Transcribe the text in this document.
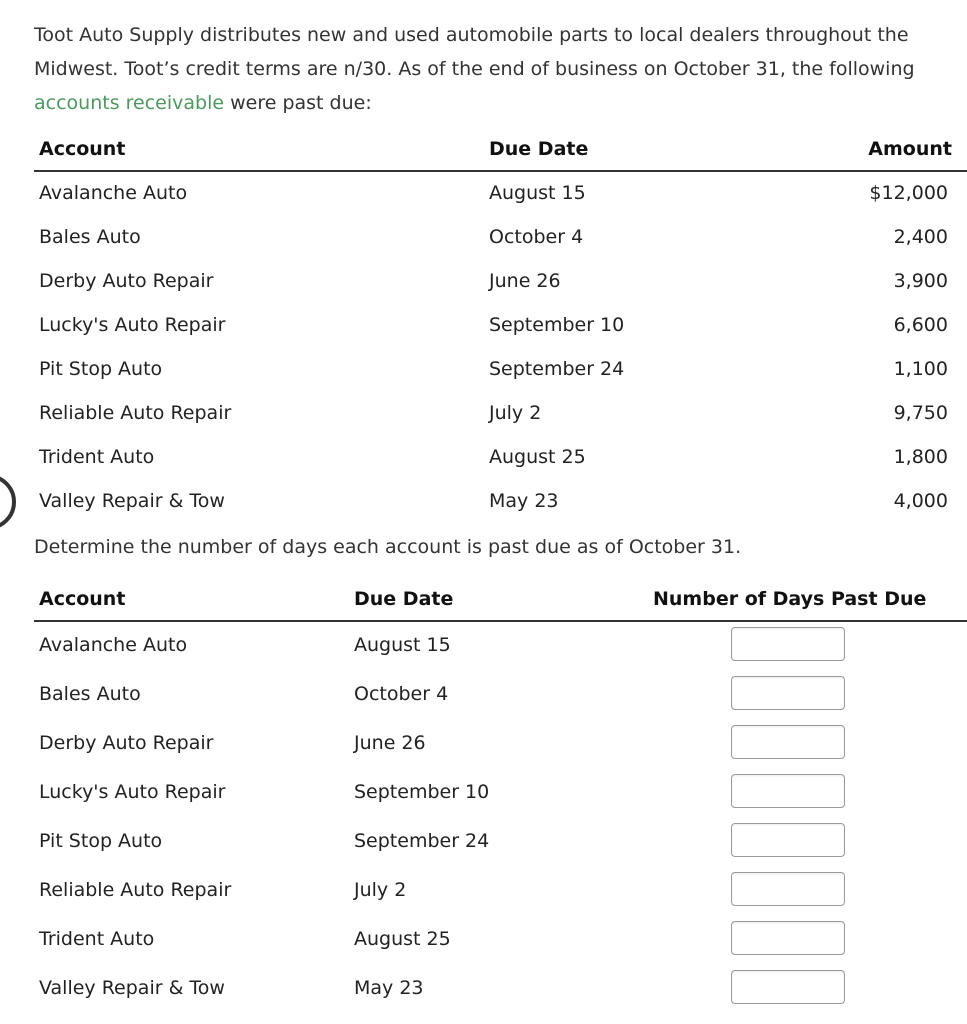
Toot Auto Supply distributes new and used automobile parts to local dealers throughout the Midwest. Toot’s credit terms are n/30. As of the end of business on October 31, the following accounts receivable were past due:
Account	Due Date	Amount
Avalanche Auto	August 15	$12,000
Bales Auto	October 4	2,400
Derby Auto Repair	June 26	3,900
Lucky's Auto Repair	September 10	6,600
Pit Stop Auto	September 24	1,100
Reliable Auto Repair	July 2	9,750
Trident Auto	August 25	1,800
Valley Repair & Tow	May 23	4,000
Determine the number of days each account is past due as of October 31.
Account	Due Date	Number of Days Past Due
Avalanche Auto	August 15
Bales Auto	October 4
Derby Auto Repair	June 26
Lucky's Auto Repair	September 10
Pit Stop Auto	September 24
Reliable Auto Repair	July 2
Trident Auto	August 25
Valley Repair & Tow	May 23
